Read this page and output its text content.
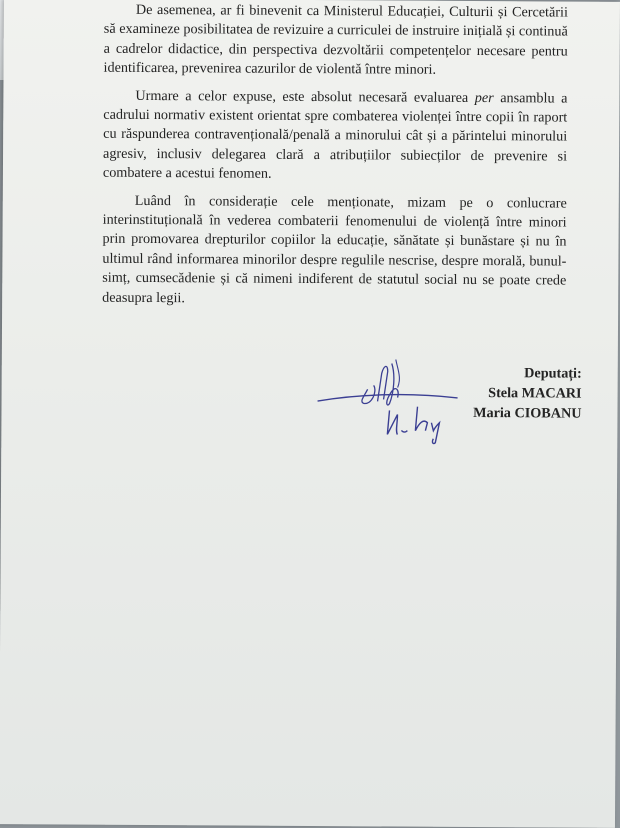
De asemenea, ar fi binevenit ca Ministerul Educației, Culturii și Cercetării să examineze posibilitatea de revizuire a curriculei de instruire inițială și continuă a cadrelor didactice, din perspectiva dezvoltării competențelor necesare pentru identificarea, prevenirea cazurilor de violentă între minori.

Urmare a celor expuse, este absolut necesară evaluarea per ansamblu a cadrului normativ existent orientat spre combaterea violenței între copii în raport cu răspunderea contravențională/penală a minorului cât și a părintelui minorului agresiv, inclusiv delegarea clară a atribuțiilor subiecților de prevenire si combatere a acestui fenomen.

Luând în considerație cele menționate, mizam pe o conlucrare interinstituțională în vederea combaterii fenomenului de violență între minori prin promovarea drepturilor copiilor la educație, sănătate și bunăstare și nu în ultimul rând informarea minorilor despre regulile nescrise, despre morală, bunul-simț, cumsecădenie și că nimeni indiferent de statutul social nu se poate crede deasupra legii.

Deputați:
Stela MACARI
Maria CIOBANU
